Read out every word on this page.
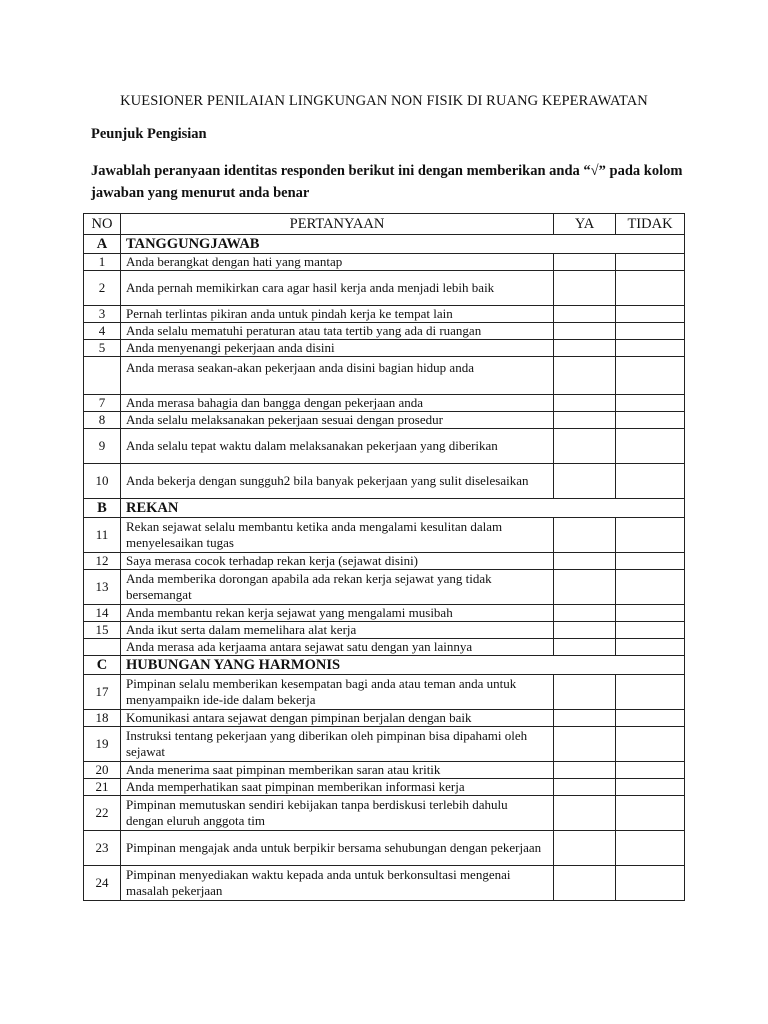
KUESIONER PENILAIAN LINGKUNGAN NON FISIK DI RUANG KEPERAWATAN
Peunjuk Pengisian
Jawablah peranyaan identitas responden berikut ini dengan memberikan anda “√” pada kolom jawaban yang menurut anda benar
NO	PERTANYAAN	YA	TIDAK
A	TANGGUNGJAWAB		
1	Anda berangkat dengan hati yang mantap		
2	Anda pernah memikirkan cara agar hasil kerja anda menjadi lebih baik		
3	Pernah terlintas pikiran anda untuk pindah kerja ke tempat lain		
4	Anda selalu mematuhi peraturan atau tata tertib yang ada di ruangan		
5	Anda menyenangi pekerjaan anda disini		
	Anda merasa seakan-akan pekerjaan anda disini bagian hidup anda		
7	Anda merasa bahagia dan bangga dengan pekerjaan anda		
8	Anda selalu melaksanakan pekerjaan sesuai dengan prosedur		
9	Anda selalu tepat waktu dalam melaksanakan pekerjaan yang diberikan		
10	Anda bekerja dengan sungguh2 bila banyak pekerjaan yang sulit diselesaikan		
B	REKAN		
11	Rekan sejawat selalu membantu ketika anda mengalami kesulitan dalam menyelesaikan tugas		
12	Saya merasa cocok terhadap rekan kerja (sejawat disini)		
13	Anda memberika dorongan apabila ada rekan kerja sejawat yang tidak bersemangat		
14	Anda membantu rekan kerja sejawat yang mengalami musibah		
15	Anda ikut serta dalam memelihara alat kerja		
	Anda merasa ada kerjaama antara sejawat satu dengan yan lainnya		
C	HUBUNGAN YANG HARMONIS		
17	Pimpinan selalu memberikan kesempatan bagi anda atau teman anda untuk menyampaikn ide-ide dalam bekerja		
18	Komunikasi antara sejawat dengan pimpinan berjalan dengan baik		
19	Instruksi tentang pekerjaan yang diberikan oleh pimpinan bisa dipahami oleh sejawat		
20	Anda menerima saat pimpinan memberikan saran atau kritik		
21	Anda memperhatikan saat pimpinan memberikan informasi kerja		
22	Pimpinan memutuskan sendiri kebijakan tanpa berdiskusi terlebih dahulu dengan eluruh anggota tim		
23	Pimpinan mengajak anda untuk berpikir bersama sehubungan dengan pekerjaan		
24	Pimpinan menyediakan waktu kepada anda untuk berkonsultasi mengenai masalah pekerjaan		
